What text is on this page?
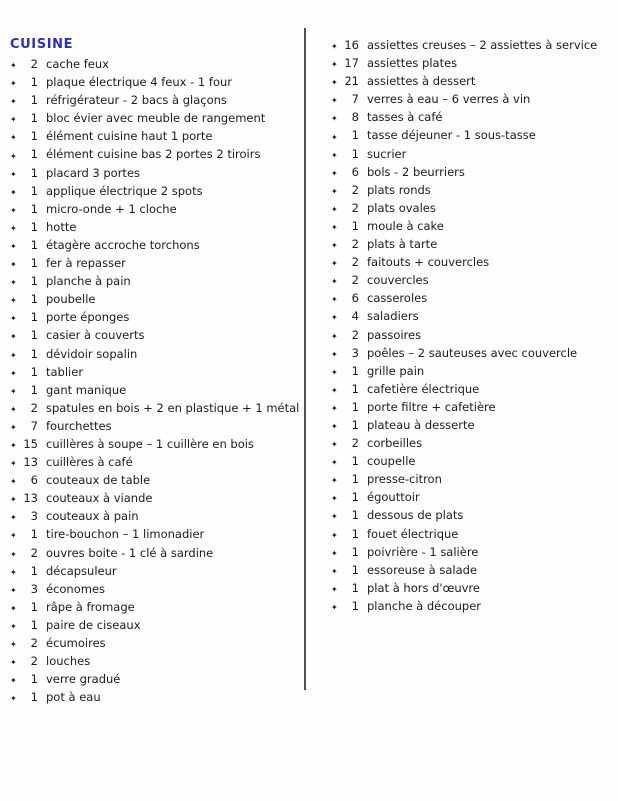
CUISINE
✦	2 cache feux
✦	1 plaque électrique 4 feux - 1 four
✦	1 réfrigérateur - 2 bacs à glaçons
✦	1 bloc évier avec meuble de rangement
✦	1 élément cuisine haut 1 porte
✦	1 élément cuisine bas 2 portes 2 tiroirs
✦	1 placard 3 portes
✦	1 applique électrique 2 spots
✦	1 micro-onde + 1 cloche
✦	1 hotte
✦	1 étagère accroche torchons
✦	1 fer à repasser
✦	1 planche à pain
✦	1 poubelle
✦	1 porte éponges
✦	1 casier à couverts
✦	1 dévidoir sopalin
✦	1 tablier
✦	1 gant manique
✦	2 spatules en bois + 2 en plastique + 1 métal
✦	7 fourchettes
✦ 15 cuillères à soupe – 1 cuillère en bois
✦ 13 cuillères à café
✦	6 couteaux de table
✦ 13 couteaux à viande
✦	3 couteaux à pain
✦	1 tire-bouchon – 1 limonadier
✦	2 ouvres boite - 1 clé à sardine
✦	1 décapsuleur
✦	3 économes
✦	1 râpe à fromage
✦	1 paire de ciseaux
✦	2 écumoires
✦	2 louches
✦	1 verre gradué
✦	1 pot à eau
✦ 16 assiettes creuses – 2 assiettes à service
✦ 17 assiettes plates
✦ 21 assiettes à dessert
✦	7 verres à eau – 6 verres à vin
✦	8 tasses à café
✦	1 tasse déjeuner - 1 sous-tasse
✦	1 sucrier
✦	6 bols - 2 beurriers
✦	2 plats ronds
✦	2 plats ovales
✦	1 moule à cake
✦	2 plats à tarte
✦	2 faitouts + couvercles
✦	2 couvercles
✦	6 casseroles
✦	4 saladiers
✦	2 passoires
✦	3 poêles – 2 sauteuses avec couvercle
✦	1 grille pain
✦	1 cafetière électrique
✦	1 porte filtre + cafetière
✦	1 plateau à desserte
✦	2 corbeilles
✦	1 coupelle
✦	1 presse-citron
✦	1 égouttoir
✦	1 dessous de plats
✦	1 fouet électrique
✦	1 poivrière - 1 salière
✦	1 essoreuse à salade
✦	1 plat à hors d'œuvre
✦	1 planche à découper
